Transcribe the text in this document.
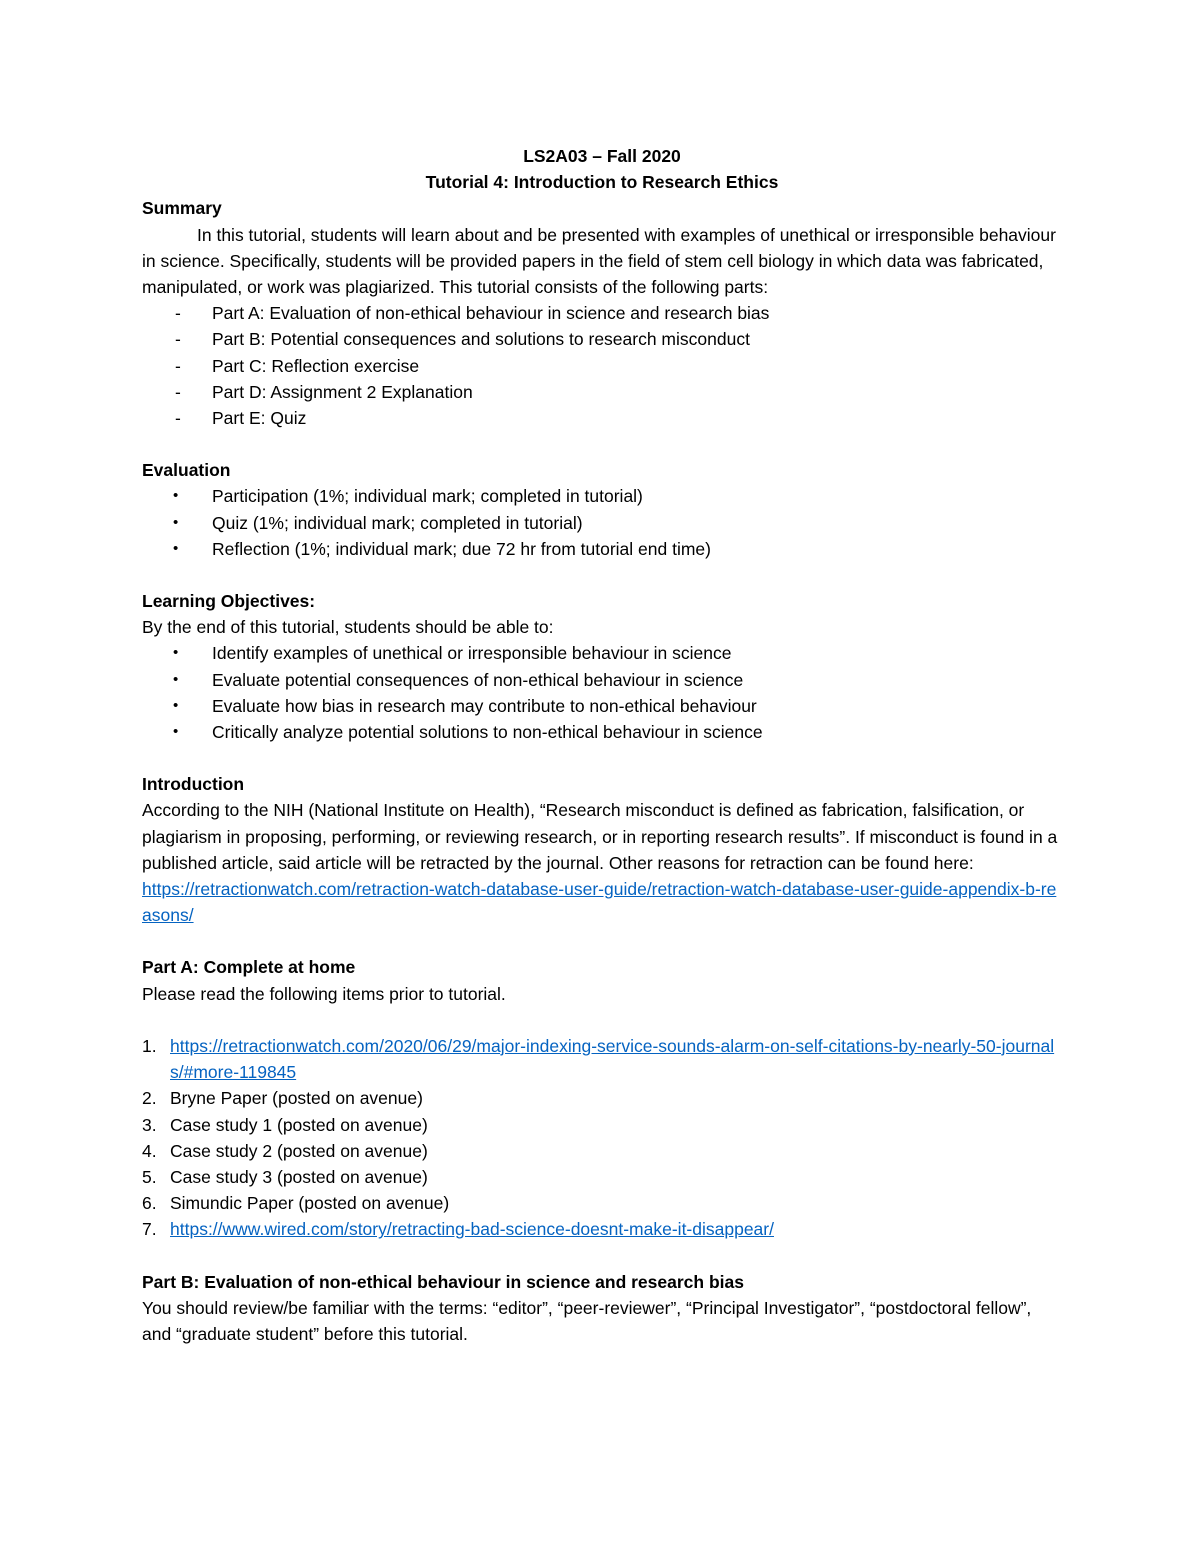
LS2A03 – Fall 2020

Tutorial 4: Introduction to Research Ethics

Summary

In this tutorial, students will learn about and be presented with examples of unethical or irresponsible behaviour in science. Specifically, students will be provided papers in the field of stem cell biology in which data was fabricated, manipulated, or work was plagiarized. This tutorial consists of the following parts:

- Part A: Evaluation of non-ethical behaviour in science and research bias
- Part B: Potential consequences and solutions to research misconduct
- Part C: Reflection exercise
- Part D: Assignment 2 Explanation
- Part E: Quiz

Evaluation

• Participation (1%; individual mark; completed in tutorial)
• Quiz (1%; individual mark; completed in tutorial)
• Reflection (1%; individual mark; due 72 hr from tutorial end time)

Learning Objectives:

By the end of this tutorial, students should be able to:

• Identify examples of unethical or irresponsible behaviour in science
• Evaluate potential consequences of non-ethical behaviour in science
• Evaluate how bias in research may contribute to non-ethical behaviour
• Critically analyze potential solutions to non-ethical behaviour in science

Introduction

According to the NIH (National Institute on Health), “Research misconduct is defined as fabrication, falsification, or plagiarism in proposing, performing, or reviewing research, or in reporting research results”. If misconduct is found in a published article, said article will be retracted by the journal. Other reasons for retraction can be found here:

https://retractionwatch.com/retraction-watch-database-user-guide/retraction-watch-database-user-guide-appendix-b-reasons/

Part A: Complete at home

Please read the following items prior to tutorial.

1. https://retractionwatch.com/2020/06/29/major-indexing-service-sounds-alarm-on-self-citations-by-nearly-50-journals/#more-119845
2. Bryne Paper (posted on avenue)
3. Case study 1 (posted on avenue)
4. Case study 2 (posted on avenue)
5. Case study 3 (posted on avenue)
6. Simundic Paper (posted on avenue)
7. https://www.wired.com/story/retracting-bad-science-doesnt-make-it-disappear/

Part B: Evaluation of non-ethical behaviour in science and research bias

You should review/be familiar with the terms: “editor”, “peer-reviewer”, “Principal Investigator”, “postdoctoral fellow”, and “graduate student” before this tutorial.
